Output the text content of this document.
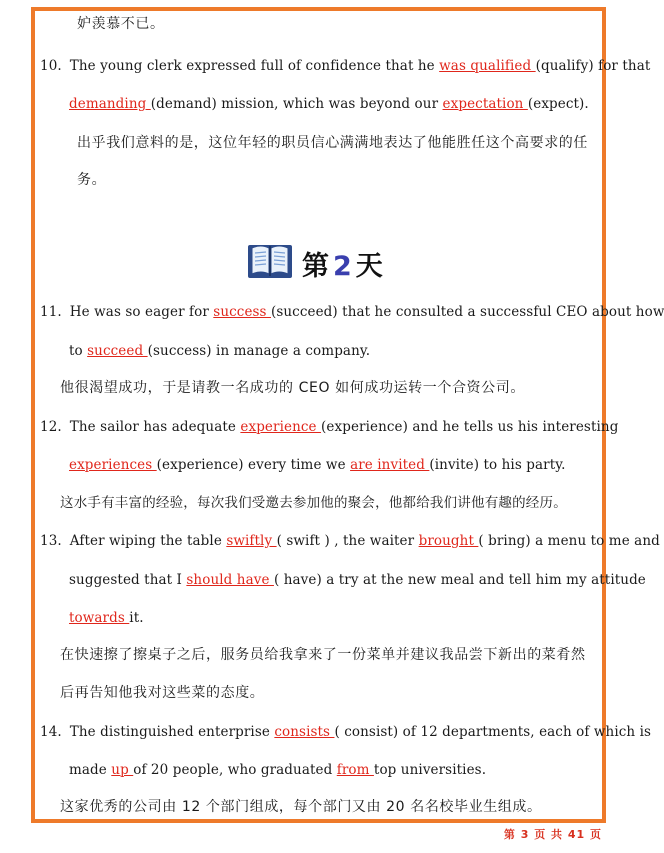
妒羡慕不已。
10. The young clerk expressed full of confidence that he was qualified (qualify) for that
demanding (demand) mission, which was beyond our expectation (expect).
出乎我们意料的是，这位年轻的职员信心满满地表达了他能胜任这个高要求的任
务。
第 2 天
11. He was so eager for success (succeed) that he consulted a successful CEO about how
to succeed (success) in manage a company.
他很渴望成功，于是请教一名成功的 CEO 如何成功运转一个合资公司。
12. The sailor has adequate experience (experience) and he tells us his interesting
experiences (experience) every time we are invited (invite) to his party.
这水手有丰富的经验，每次我们受邀去参加他的聚会，他都给我们讲他有趣的经历。
13. After wiping the table swiftly ( swift ) , the waiter brought ( bring) a menu to me and
suggested that I should have ( have) a try at the new meal and tell him my attitude
towards it.
在快速擦了擦桌子之后，服务员给我拿来了一份菜单并建议我品尝下新出的菜肴然
后再告知他我对这些菜的态度。
14. The distinguished enterprise consists ( consist) of 12 departments, each of which is
made up of 20 people, who graduated from top universities.
这家优秀的公司由 12 个部门组成，每个部门又由 20 名名校毕业生组成。
第 3 页 共 41 页
